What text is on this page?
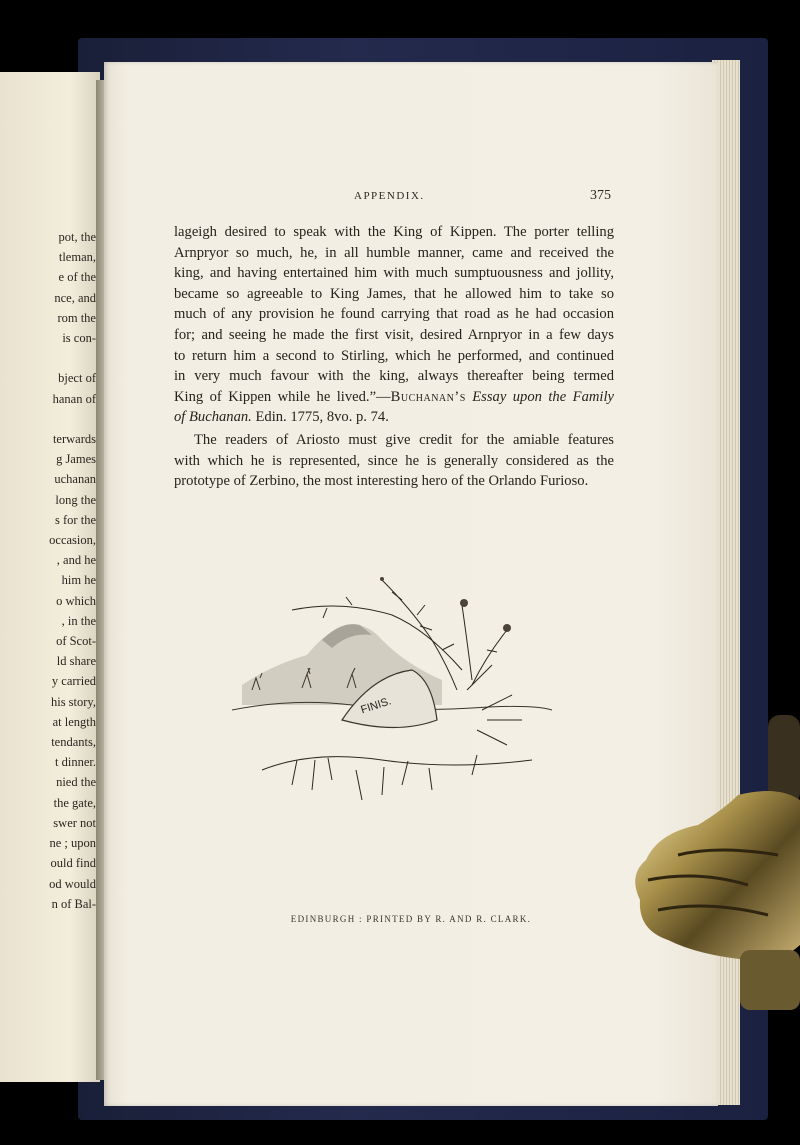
pot, the
tleman,
e of the
nce, and
rom the
is con-

bject of
hanan of

terwards
g James
uchanan
long the
s for the
occasion,
, and he
him he
o which
, in the
of Scot-
ld share
y carried
his story,
at length
tendants,
t dinner.
nied the
the gate,
swer not
ne ; upon
ould find
od would
n of Bal-
APPENDIX.	375
lageigh desired to speak with the King of Kippen. The porter telling
Arnpryor so much, he, in all humble manner, came and received the
king, and having entertained him with much sumptuousness and jollity,
became so agreeable to King James, that he allowed him to take so
much of any provision he found carrying that road as he had occasion
for; and seeing he made the first visit, desired Arnpryor in a few days
to return him a second to Stirling, which he performed, and continued
in very much favour with the king, always thereafter being termed
King of Kippen while he lived.”—Buchanan’s Essay upon the Family
of Buchanan. Edin. 1775, 8vo. p. 74.
The readers of Ariosto must give credit for the amiable features
with which he is represented, since he is generally considered as the
prototype of Zerbino, the most interesting hero of the Orlando Furioso.
FINIS.
EDINBURGH : PRINTED BY R. AND R. CLARK.
